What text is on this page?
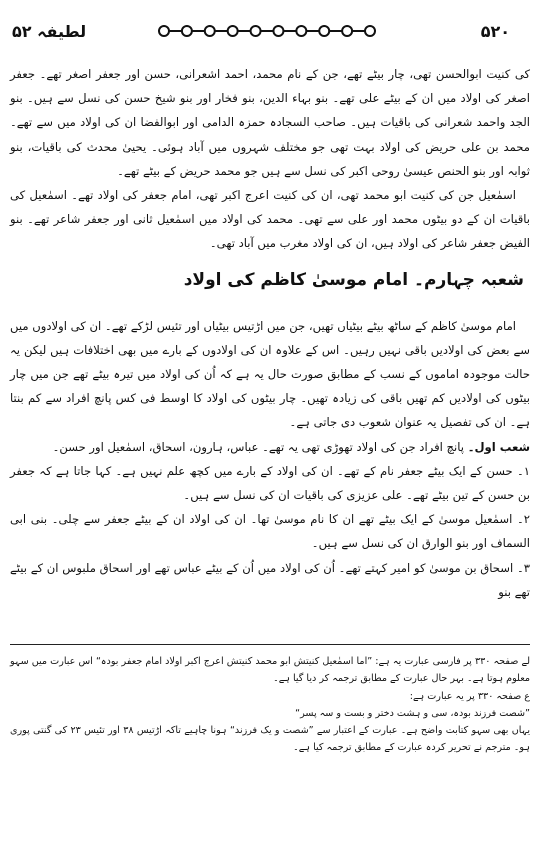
لطیفہ ۵۲	۵۲۰

کی کنیت ابوالحسن تھی، چار بیٹے تھے، جن کے نام محمد، احمد اشعرانی، حسن اور جعفر اصغر تھے۔ جعفر اصغر کی اولاد میں ان کے بیٹے علی تھے۔ بنو بہاء الدین، بنو فخار اور بنو شیخ حسن کی نسل سے ہیں۔ بنو الجد واحمد شعرانی کی باقیات ہیں۔ صاحب السجادہ حمزہ الدامی اور ابوالفضا ان کی اولاد میں سے تھے۔ محمد بن علی حریض کی اولاد بہت تھی جو مختلف شہروں میں آباد ہوئی۔ یحییٰ محدث کی باقیات، بنو ثوابہ اور بنو الحنص عیسیٰ روحی اکبر کی نسل سے ہیں جو محمد حریض کے بیٹے تھے۔

اسمٰعیل جن کی کنیت ابو محمد تھی، ان کی کنیت اعرج اکبر تھی، امام جعفر کی اولاد تھے۔ اسمٰعیل کی باقیات ان کے دو بیٹوں محمد اور علی سے تھی۔ محمد کی اولاد میں اسمٰعیل ثانی اور جعفر شاعر تھے۔ بنو الفیض جعفر شاعر کی اولاد ہیں، ان کی اولاد مغرب میں آباد تھی۔

شعبہ چہارم۔ امام موسیٰ کاظم کی اولاد

امام موسیٰ کاظم کے ساٹھ بیٹے بیٹیاں تھیں، جن میں اڑتیس بیٹیاں اور تئیس لڑکے تھے۔ ان کی اولادوں میں سے بعض کی اولادیں باقی نہیں رہیں۔ اس کے علاوہ ان کی اولادوں کے بارے میں بھی اختلافات ہیں لیکن یہ حالت موجودہ اماموں کے نسب کے مطابق صورت حال یہ ہے کہ اُن کی اولاد میں تیرہ بیٹے تھے جن میں چار بیٹوں کی اولادیں کم تھیں باقی کی زیادہ تھیں۔ چار بیٹوں کی اولاد کا اوسط فی کس پانچ افراد سے کم بنتا ہے۔ ان کی تفصیل یہ عنوان شعوب دی جاتی ہے۔

شعب اول۔ پانچ افراد جن کی اولاد تھوڑی تھی یہ تھے۔ عباس، ہارون، اسحاق، اسمٰعیل اور حسن۔

۱۔ حسن کے ایک بیٹے جعفر نام کے تھے۔ ان کی اولاد کے بارے میں کچھ علم نہیں ہے۔ کہا جاتا ہے کہ جعفر بن حسن کے تین بیٹے تھے۔ علی عزیزی کی باقیات ان کی نسل سے ہیں۔

۲۔ اسمٰعیل موسیٰ کے ایک بیٹے تھے ان کا نام موسیٰ تھا۔ ان کی اولاد ان کے بیٹے جعفر سے چلی۔ بنی ابی السماف اور بنو الوارق ان کی نسل سے ہیں۔

۳۔ اسحاق بن موسیٰ کو امیر کہتے تھے۔ اُن کی اولاد میں اُن کے بیٹے عباس تھے اور اسحاق ملبوس ان کے بیٹے تھے بنو

لے صفحہ ۳۳۰ پر فارسی عبارت یہ ہے: ”اما اسمٰعیل کنیتش ابو محمد کنیتش اعرج اکبر اولاد امام جعفر بودہ“ اس عبارت میں سہو معلوم ہوتا ہے۔ بہر حال عبارت کے مطابق ترجمہ کر دیا گیا ہے۔

ع صفحہ ۳۳۰ پر یہ عبارت ہے:

”شصت فرزند بودہ، سی و ہشت دختر و بست و سہ پسر“

یہاں بھی سہو کتابت واضح ہے۔ عبارت کے اعتبار سے ”شصت و یک فرزند“ ہونا چاہیے تاکہ اڑتیس ۳۸ اور تئیس ۲۳ کی گنتی پوری ہو۔ مترجم نے تحریر کردہ عبارت کے مطابق ترجمہ کیا ہے۔
